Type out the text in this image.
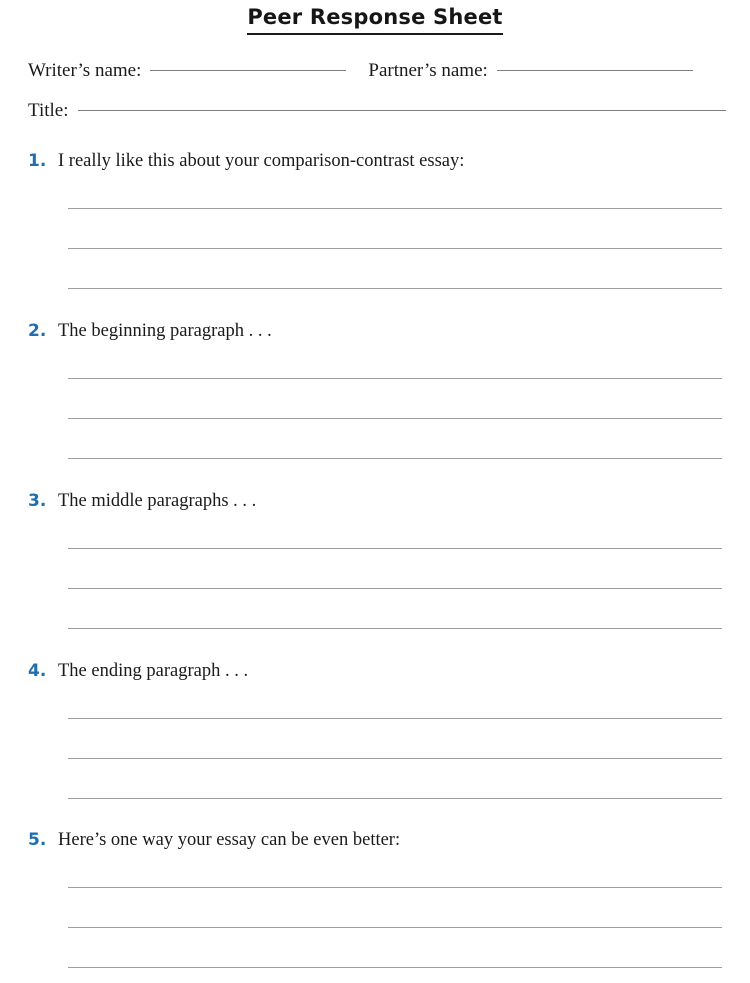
Peer Response Sheet
Writer’s name:	Partner’s name:
Title:
1. I really like this about your comparison-contrast essay:
2. The beginning paragraph . . .
3. The middle paragraphs . . .
4. The ending paragraph . . .
5. Here’s one way your essay can be even better:
